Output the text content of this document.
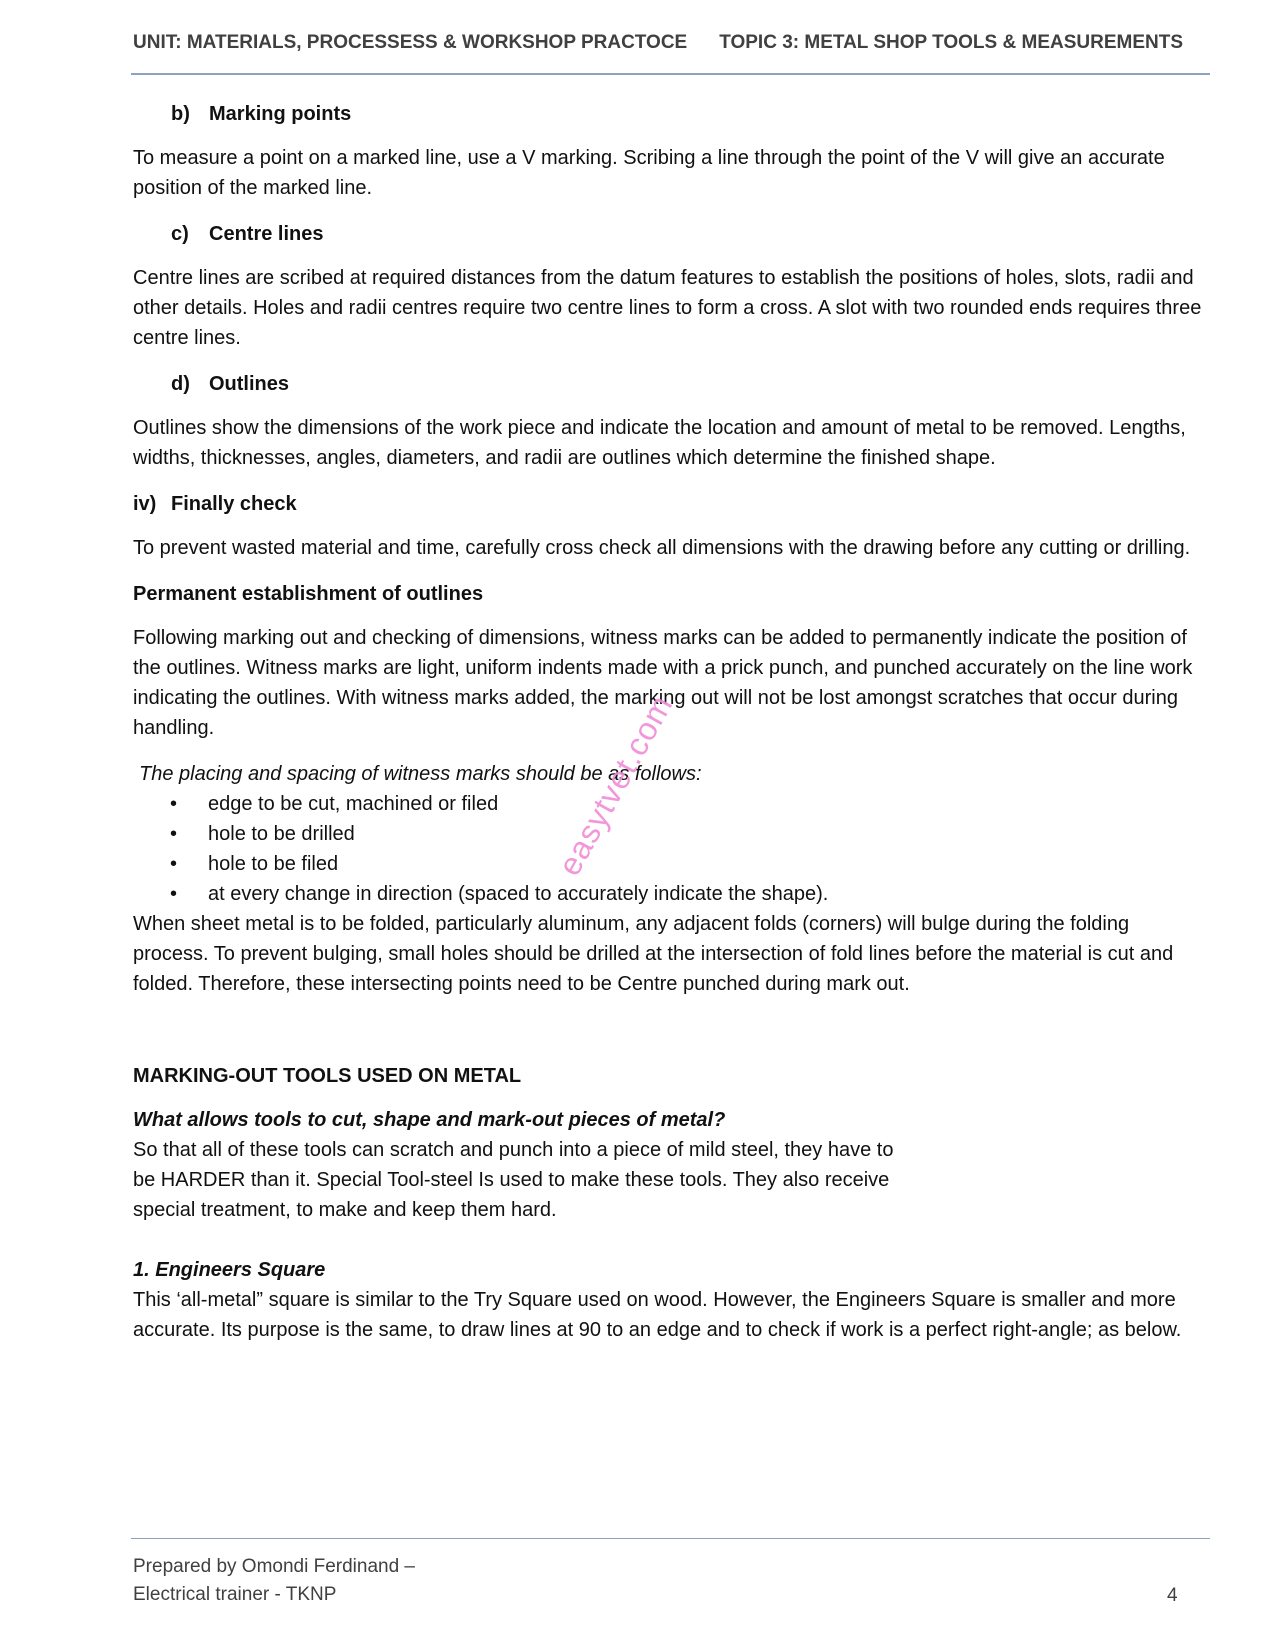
UNIT: MATERIALS, PROCESSESS & WORKSHOP PRACTOCE TOPIC 3: METAL SHOP TOOLS & MEASUREMENTS
b) Marking points

To measure a point on a marked line, use a V marking. Scribing a line through the point of the V will give an accurate position of the marked line.

c) Centre lines

Centre lines are scribed at required distances from the datum features to establish the positions of holes, slots, radii and other details. Holes and radii centres require two centre lines to form a cross. A slot with two rounded ends requires three centre lines.

d) Outlines

Outlines show the dimensions of the work piece and indicate the location and amount of metal to be removed. Lengths, widths, thicknesses, angles, diameters, and radii are outlines which determine the finished shape.

iv) Finally check

To prevent wasted material and time, carefully cross check all dimensions with the drawing before any cutting or drilling.

Permanent establishment of outlines

Following marking out and checking of dimensions, witness marks can be added to permanently indicate the position of the outlines. Witness marks are light, uniform indents made with a prick punch, and punched accurately on the line work indicating the outlines. With witness marks added, the marking out will not be lost amongst scratches that occur during handling.

The placing and spacing of witness marks should be as follows:
• edge to be cut, machined or filed
• hole to be drilled
• hole to be filed
• at every change in direction (spaced to accurately indicate the shape).

When sheet metal is to be folded, particularly aluminum, any adjacent folds (corners) will bulge during the folding process. To prevent bulging, small holes should be drilled at the intersection of fold lines before the material is cut and folded. Therefore, these intersecting points need to be Centre punched during mark out.

MARKING-OUT TOOLS USED ON METAL
What allows tools to cut, shape and mark-out pieces of metal?

So that all of these tools can scratch and punch into a piece of mild steel, they have to be HARDER than it. Special Tool-steel Is used to make these tools. They also receive special treatment, to make and keep them hard.

1. Engineers Square

This ‘all-metal” square is similar to the Try Square used on wood. However, the Engineers Square is smaller and more accurate. Its purpose is the same, to draw lines at 90 to an edge and to check if work is a perfect right-angle; as below.

easytvet.com
Prepared by Omondi Ferdinand –
Electrical trainer - TKNP	4
